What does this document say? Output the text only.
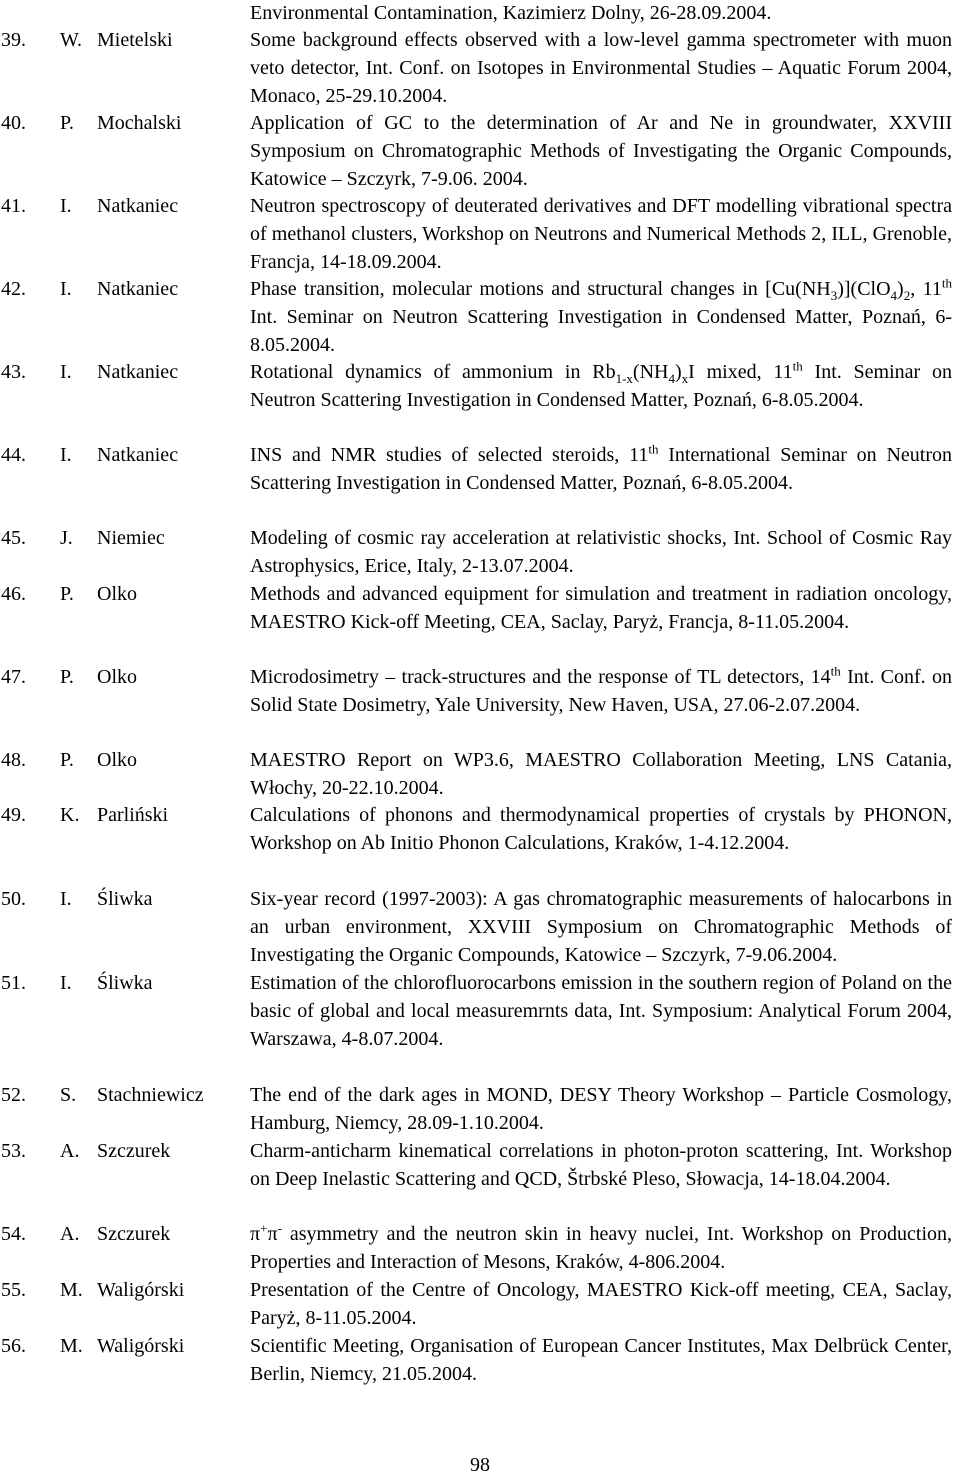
Environmental Contamination, Kazimierz Dolny, 26-28.09.2004.
39. W. Mietelski	Some background effects observed with a low-level gamma spectrometer with muon veto detector, Int. Conf. on Isotopes in Environmental Studies – Aquatic Forum 2004, Monaco, 25-29.10.2004.
40. P. Mochalski	Application of GC to the determination of Ar and Ne in groundwater, XXVIII Symposium on Chromatographic Methods of Investigating the Organic Compounds, Katowice – Szczyrk, 7-9.06. 2004.
41. I. Natkaniec	Neutron spectroscopy of deuterated derivatives and DFT modelling vibrational spectra of methanol clusters, Workshop on Neutrons and Numerical Methods 2, ILL, Grenoble, Francja, 14-18.09.2004.
42. I. Natkaniec	Phase transition, molecular motions and structural changes in $[Cu(NH_3)](ClO_4)_2$, 11th Int. Seminar on Neutron Scattering Investigation in Condensed Matter, Poznań, 6-8.05.2004.
43. I. Natkaniec	Rotational dynamics of ammonium in $Rb_{1-x}(NH_4)_xI$ mixed, 11th Int. Seminar on Neutron Scattering Investigation in Condensed Matter, Poznań, 6-8.05.2004.
44. I. Natkaniec	INS and NMR studies of selected steroids, 11th International Seminar on Neutron Scattering Investigation in Condensed Matter, Poznań, 6-8.05.2004.
45. J. Niemiec	Modeling of cosmic ray acceleration at relativistic shocks, Int. School of Cosmic Ray Astrophysics, Erice, Italy, 2-13.07.2004.
46. P. Olko	Methods and advanced equipment for simulation and treatment in radiation oncology, MAESTRO Kick-off Meeting, CEA, Saclay, Paryż, Francja, 8-11.05.2004.
47. P. Olko	Microdosimetry – track-structures and the response of TL detectors, 14th Int. Conf. on Solid State Dosimetry, Yale University, New Haven, USA, 27.06-2.07.2004.
48. P. Olko	MAESTRO Report on WP3.6, MAESTRO Collaboration Meeting, LNS Catania, Włochy, 20-22.10.2004.
49. K. Parliński	Calculations of phonons and thermodynamical properties of crystals by PHONON, Workshop on Ab Initio Phonon Calculations, Kraków, 1-4.12.2004.
50. I. Śliwka	Six-year record (1997-2003): A gas chromatographic measurements of halocarbons in an urban environment, XXVIII Symposium on Chromatographic Methods of Investigating the Organic Compounds, Katowice – Szczyrk, 7-9.06.2004.
51. I. Śliwka	Estimation of the chlorofluorocarbons emission in the southern region of Poland on the basic of global and local measuremrnts data, Int. Symposium: Analytical Forum 2004, Warszawa, 4-8.07.2004.
52. S. Stachniewicz The end of the dark ages in MOND, DESY Theory Workshop – Particle Cosmology, Hamburg, Niemcy, 28.09-1.10.2004.
53. A. Szczurek	Charm-anticharm kinematical correlations in photon-proton scattering, Int. Workshop on Deep Inelastic Scattering and QCD, Štrbské Pleso, Słowacja, 14-18.04.2004.
54. A. Szczurek	π+π- asymmetry and the neutron skin in heavy nuclei, Int. Workshop on Production, Properties and Interaction of Mesons, Kraków, 4-806.2004.
55. M. Waligórski	Presentation of the Centre of Oncology, MAESTRO Kick-off meeting, CEA, Saclay, Paryż, 8-11.05.2004.
56. M. Waligórski	Scientific Meeting, Organisation of European Cancer Institutes, Max Delbrück Center, Berlin, Niemcy, 21.05.2004.
98
